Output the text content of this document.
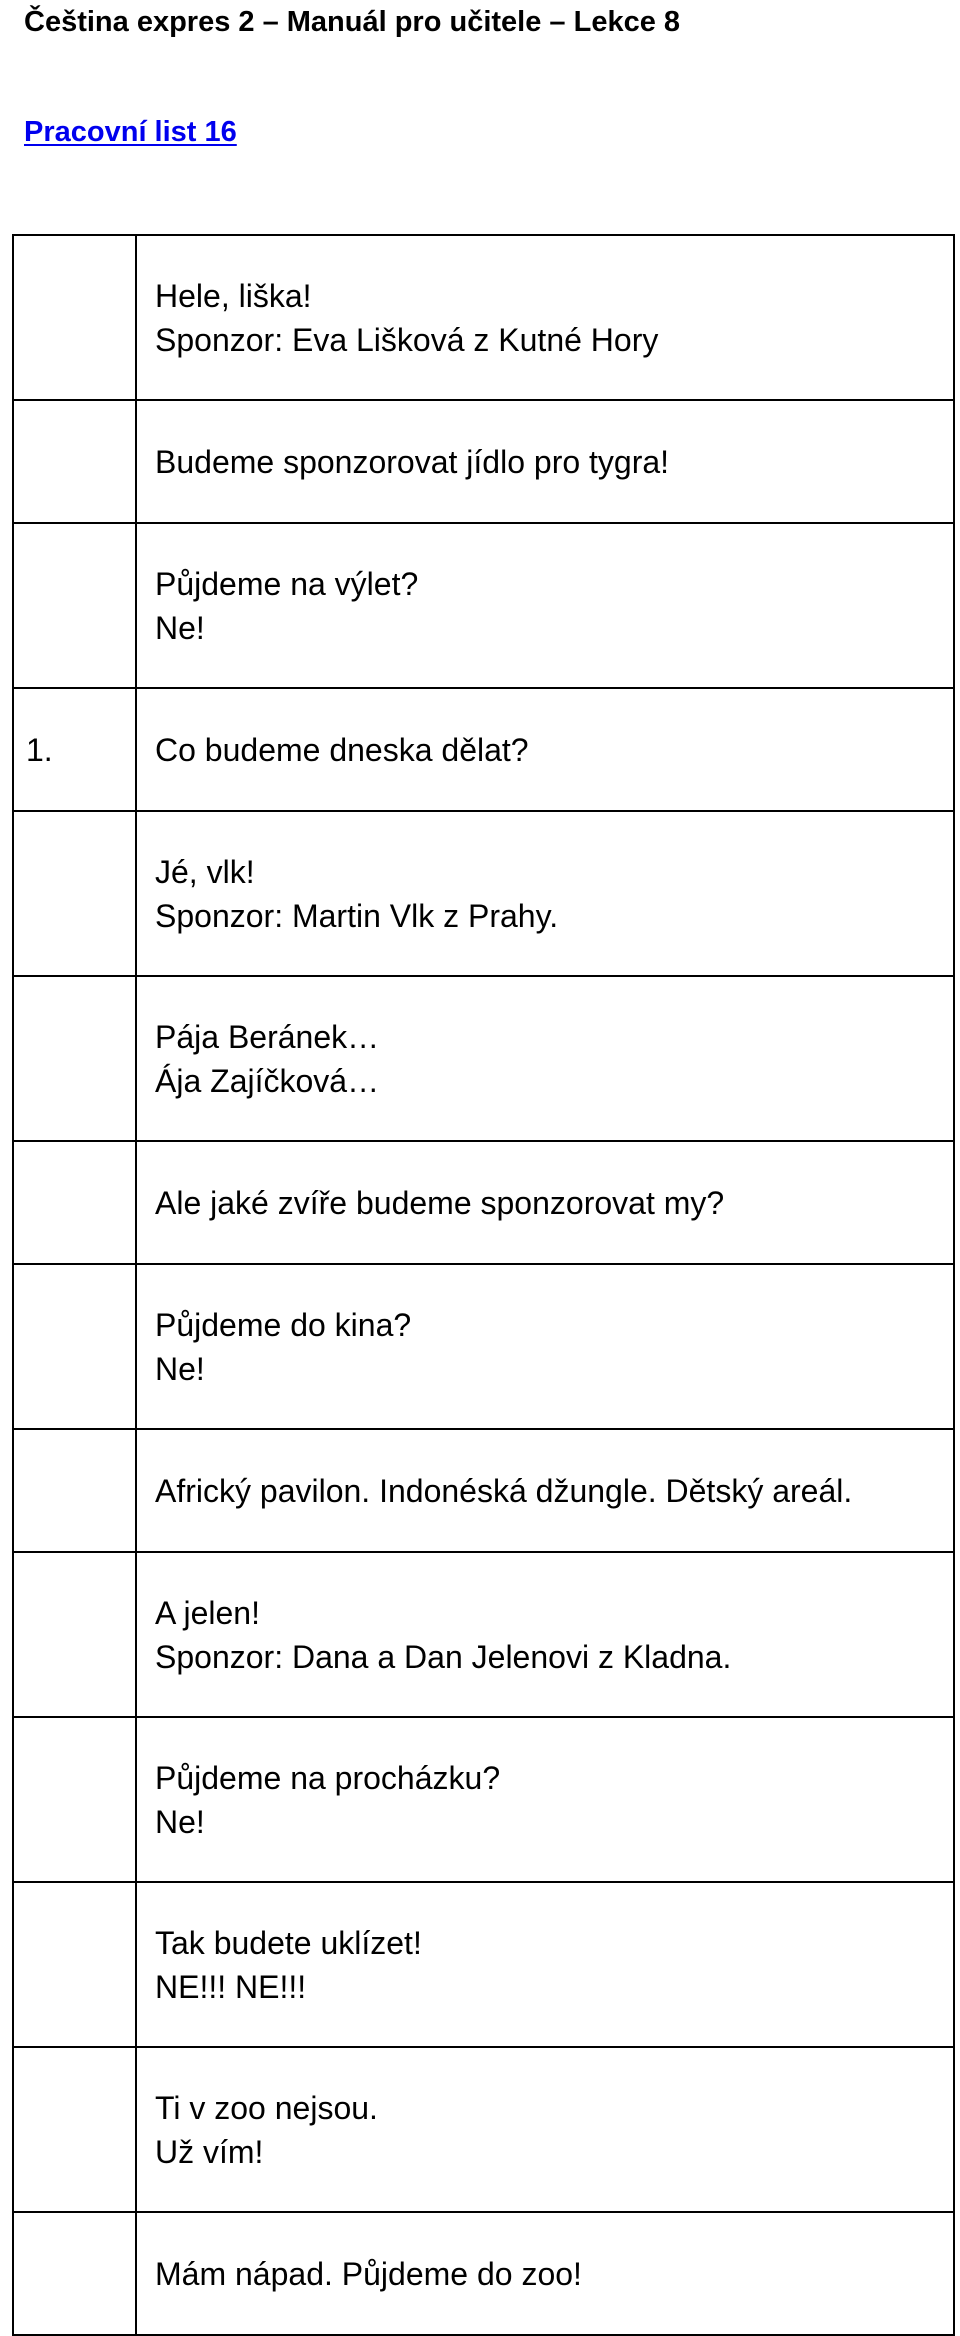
Čeština expres 2 – Manuál pro učitele – Lekce 8
Pracovní list 16

	Hele, liška!
Sponzor: Eva Lišková z Kutné Hory

	Budeme sponzorovat jídlo pro tygra!

	Půjdeme na výlet?
Ne!

1.	Co budeme dneska dělat?

	Jé, vlk!
Sponzor: Martin Vlk z Prahy.

	Pája Beránek…
Ája Zajíčková…

	Ale jaké zvíře budeme sponzorovat my?

	Půjdeme do kina?
Ne!

	Africký pavilon. Indonéská džungle. Dětský areál.

	A jelen!
Sponzor: Dana a Dan Jelenovi z Kladna.

	Půjdeme na procházku?
Ne!

	Tak budete uklízet!
NE!!! NE!!!

	Ti v zoo nejsou.
Už vím!

	Mám nápad. Půjdeme do zoo!
